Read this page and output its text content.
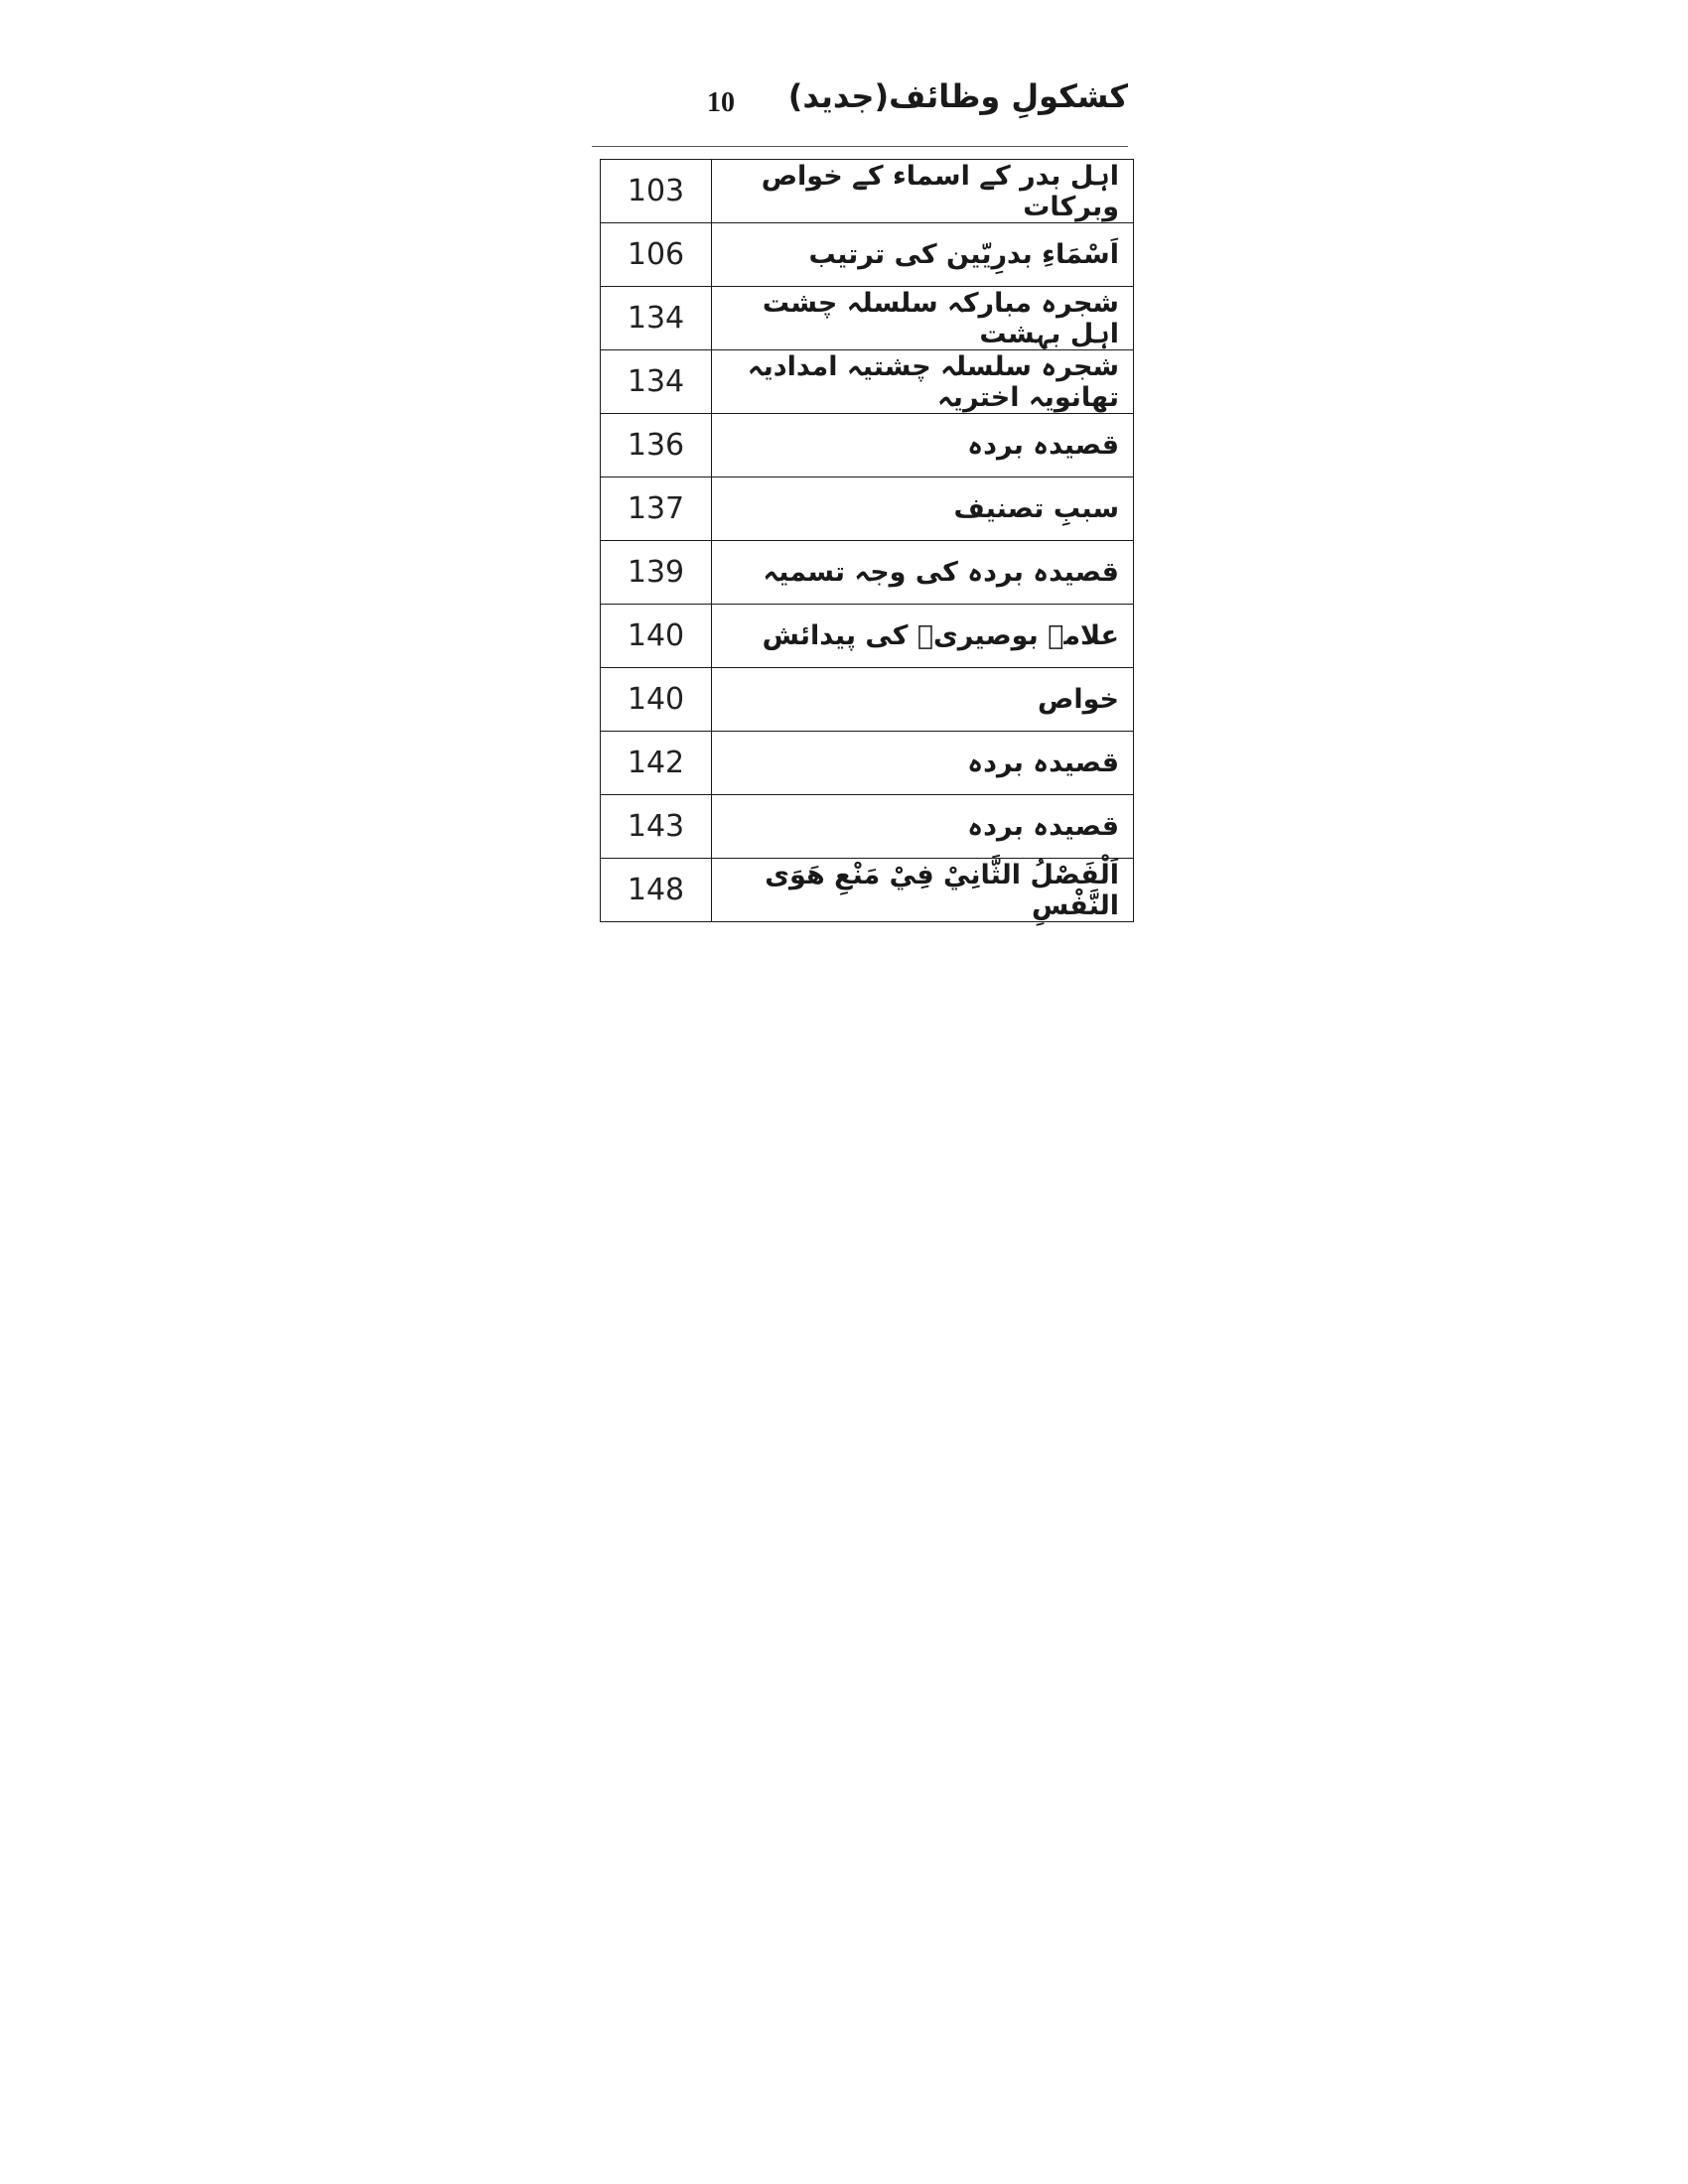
10 کشکولِ وظائف(جدید)
103	اہل بدر کے اسماء کے خواص وبرکات
106	اَسْمَاءِ بدرِیّین کی ترتیب
134	شجرہ مبارکہ سلسلہ چشت اہل بہشت
134	شجرہ سلسلہ چشتیہ امدادیہ تھانویہ اختریہ
136	قصیدہ بردہ
137	سببِ تصنیف
139	قصیدہ بردہ کی وجہ تسمیہ
140	علامہ بوصیریؒ کی پیدائش
140	خواص
142	قصیدہ بردہ
143	قصیدہ بردہ
148	اَلْفَصْلُ الثَّانِيْ فِيْ مَنْعِ هَوَى النَّفْسِ
